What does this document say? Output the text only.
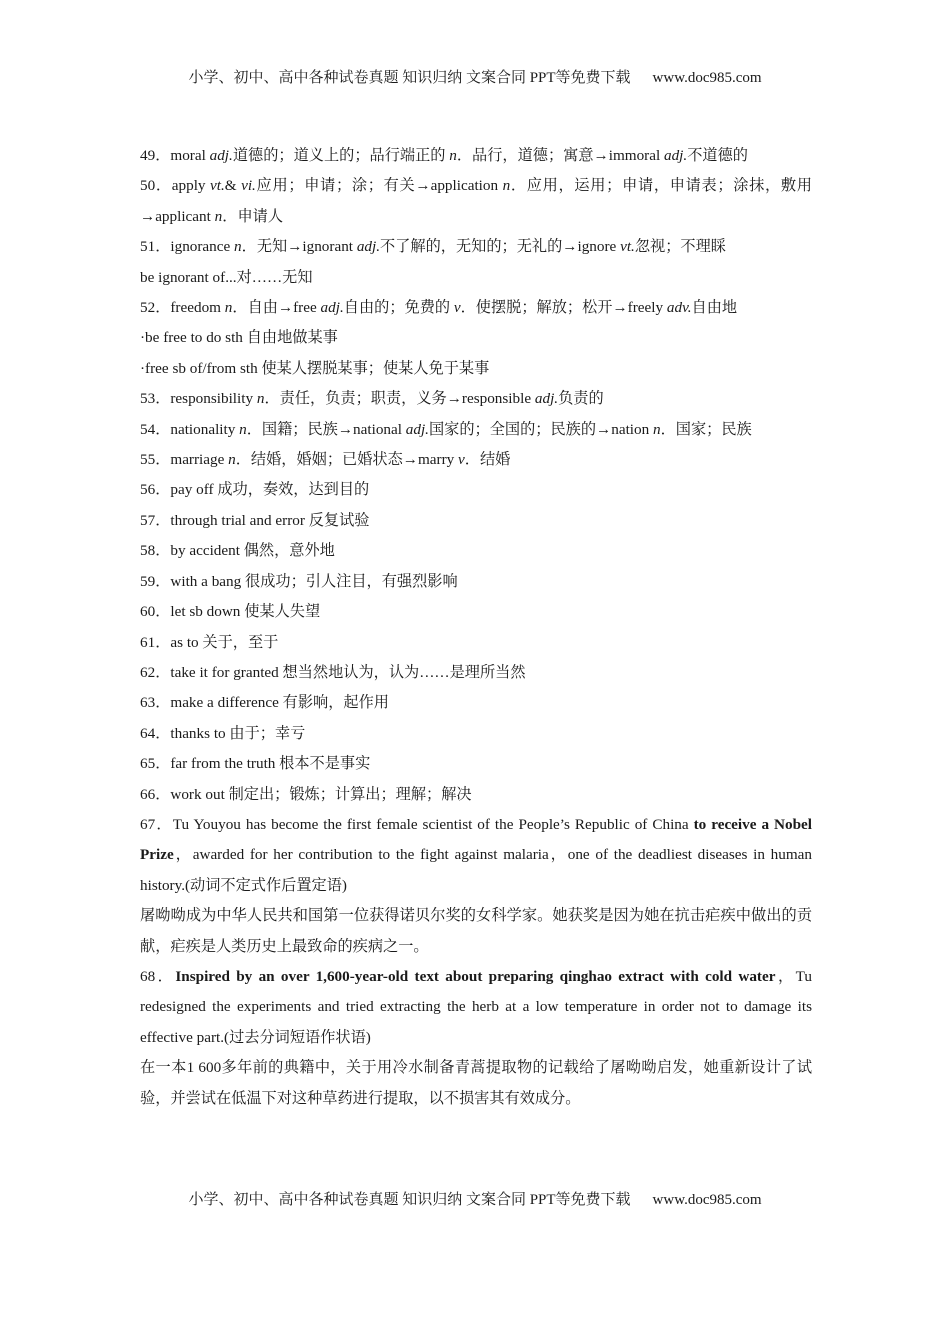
小学、初中、高中各种试卷真题 知识归纳 文案合同 PPT等免费下载 www.doc985.com

49．moral adj.道德的；道义上的；品行端正的 n．品行，道德；寓意→immoral adj.不道德的

50．apply vt.& vi.应用；申请；涂；有关→application n．应用，运用；申请，申请表；涂抹，敷用→applicant n．申请人

51．ignorance n．无知→ignorant adj.不了解的，无知的；无礼的→ignore vt.忽视；不理睬

be ignorant of...对……无知

52．freedom n．自由→free adj.自由的；免费的 v．使摆脱；解放；松开→freely adv.自由地

·be free to do sth 自由地做某事

·free sb of/from sth 使某人摆脱某事；使某人免于某事

53．responsibility n．责任，负责；职责，义务→responsible adj.负责的

54．nationality n．国籍；民族→national adj.国家的；全国的；民族的→nation n．国家；民族

55．marriage n．结婚，婚姻；已婚状态→marry v．结婚

56．pay off 成功，奏效，达到目的

57．through trial and error 反复试验

58．by accident 偶然，意外地

59．with a bang 很成功；引人注目，有强烈影响

60．let sb down 使某人失望

61．as to 关于，至于

62．take it for granted 想当然地认为，认为……是理所当然

63．make a difference 有影响，起作用

64．thanks to 由于；幸亏

65．far from the truth 根本不是事实

66．work out 制定出；锻炼；计算出；理解；解决

67．Tu Youyou has become the first female scientist of the People’s Republic of China to receive a Nobel Prize，awarded for her contribution to the fight against malaria，one of the deadliest diseases in human history.(动词不定式作后置定语)

屠呦呦成为中华人民共和国第一位获得诺贝尔奖的女科学家。她获奖是因为她在抗击疟疾中做出的贡献，疟疾是人类历史上最致命的疾病之一。

68．Inspired by an over 1,600-year-old text about preparing qinghao extract with cold water，Tu redesigned the experiments and tried extracting the herb at a low temperature in order not to damage its effective part.(过去分词短语作状语)

在一本1 600多年前的典籍中，关于用冷水制备青蒿提取物的记载给了屠呦呦启发，她重新设计了试验，并尝试在低温下对这种草药进行提取，以不损害其有效成分。

小学、初中、高中各种试卷真题 知识归纳 文案合同 PPT等免费下载 www.doc985.com
